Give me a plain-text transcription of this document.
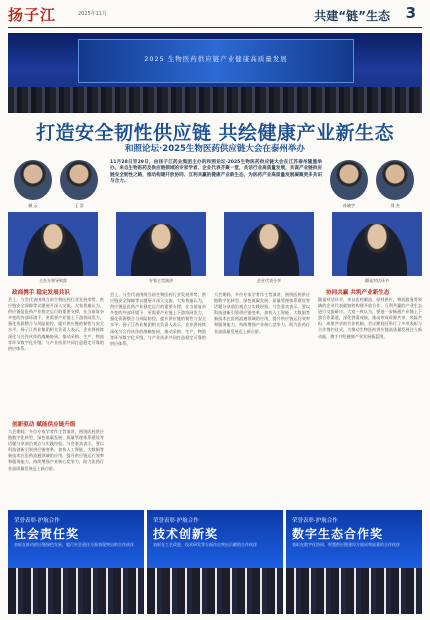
扬子江	2025年11月	共建“链”生态 3
2025 生物医药供应链产业健康高质量发展
打造安全韧性供应链 共绘健康产业新生态
和照论坛·2025生物医药供应链大会在泰州举办
颜 云	王 浩	孙晓宇	刘 杰
11月28日至29日，由扬子江药业集团主办的和照论坛·2025生物医药供应链大会在江苏泰州隆重举办。来自生物医药及供应链领域的专家学者、企业代表齐聚一堂，共话行业高质量发展，共谋产业链供应链安全韧性之路，推动构建开放协同、互利共赢的健康产业新生态，为医药产业高质量发展凝聚更多共识与合力。
主办方领导致辞	专家主旨演讲	企业代表分享	圆桌对话环节
政商携手 稳定发展共识
会上，与会代表围绕当前生物医药行业发展形势、供应链安全保障等议题展开深入交流。大家普遍认为，供应链是医药产业稳定运行的重要支撑，在当前复杂多变的外部环境下，更需要产业链上下游协同发力，强化资源整合与风险防控，提升供应链的韧性与安全水平。扬子江药业集团相关负责人表示，企业将持续深化与合作伙伴的战略协同，推动采购、生产、物流等环节数字化升级，与产业伙伴共同打造稳定可靠的供应体系。
创新驱动 赋能供应链升级
大会期间，多位专家学者作主旨演讲，围绕医药供应链数字化转型、绿色低碳发展、质量管理体系建设等话题分享前沿观点与实践经验。与会嘉宾表示，要以科技创新引领供应链变革，加快人工智能、大数据等新技术在医药流通领域的应用，提升供应链运行效率和服务能力，持续增强产业核心竞争力，助力医药行业高质量发展迈上新台阶。
会上，与会代表围绕当前生物医药行业发展形势、供应链安全保障等议题展开深入交流。大家普遍认为，供应链是医药产业稳定运行的重要支撑，在当前复杂多变的外部环境下，更需要产业链上下游协同发力，强化资源整合与风险防控，提升供应链的韧性与安全水平。扬子江药业集团相关负责人表示，企业将持续深化与合作伙伴的战略协同，推动采购、生产、物流等环节数字化升级，与产业伙伴共同打造稳定可靠的供应体系。
大会期间，多位专家学者作主旨演讲，围绕医药供应链数字化转型、绿色低碳发展、质量管理体系建设等话题分享前沿观点与实践经验。与会嘉宾表示，要以科技创新引领供应链变革，加快人工智能、大数据等新技术在医药流通领域的应用，提升供应链运行效率和服务能力，持续增强产业核心竞争力，助力医药行业高质量发展迈上新台阶。
协同共赢 共筑产业新生态
圆桌对话环节，来自医药制造、原料供应、物流服务等领域的企业代表就如何构建开放合作、互利共赢的产业生态进行交流研讨。大家一致认为，要进一步畅通产业链上下游合作渠道，深化供需对接，推动形成资源共享、风险共担、成果共享的合作机制。会议期间还举行了多项表彰与合作签约仪式，为推动生物医药供应链高质量发展注入新动能，携手共绘健康产业发展新蓝图。
荣誉表彰·护航合作
社会责任奖
表彰在推动供应链绿色发展、履行社会责任方面表现突出的合作伙伴
荣誉表彰·护航合作
技术创新奖
表彰在工艺改进、技术研发等方面作出突出贡献的合作伙伴
荣誉表彰·护航合作
数字生态合作奖
表彰在数字化协同、智慧供应链建设方面成效显著的合作伙伴
